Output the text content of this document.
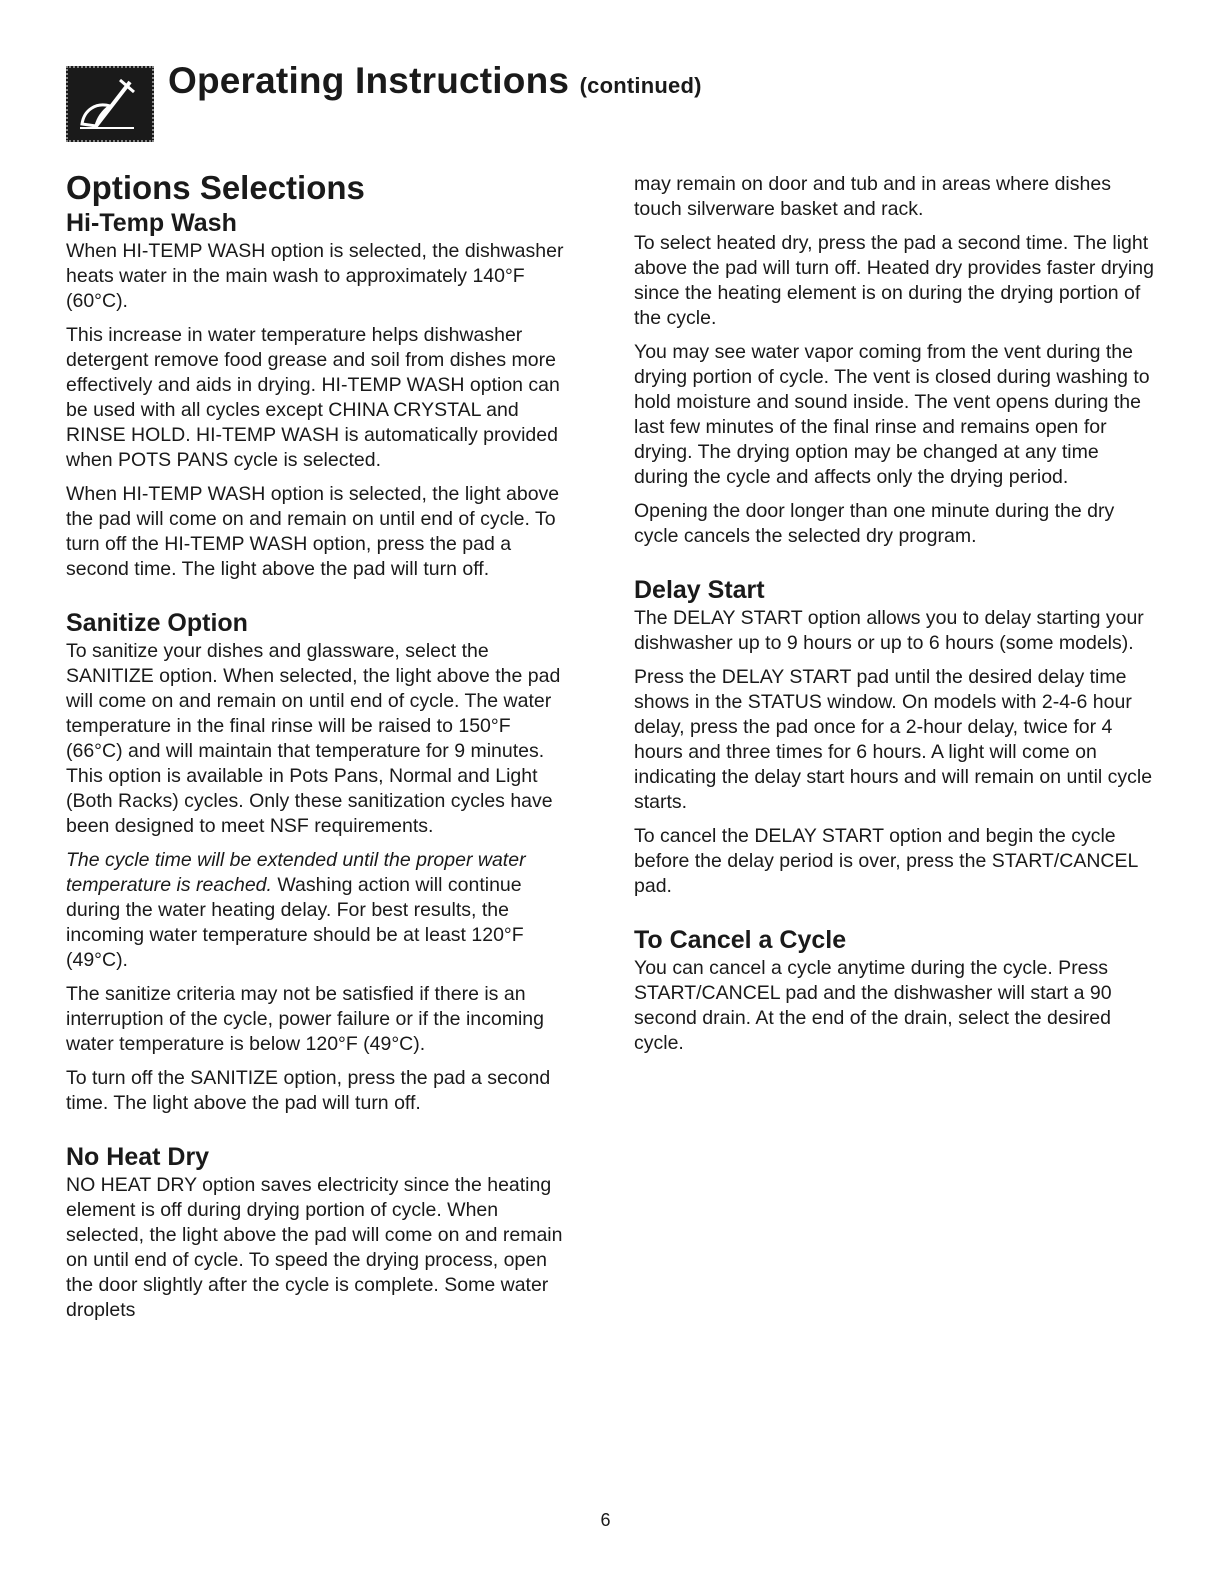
Operating Instructions (continued)
Options Selections
Hi-Temp Wash

When HI-TEMP WASH option is selected, the dishwasher heats water in the main wash to approximately 140°F (60°C).

This increase in water temperature helps dishwasher detergent remove food grease and soil from dishes more effectively and aids in drying. HI-TEMP WASH option can be used with all cycles except CHINA CRYSTAL and RINSE HOLD. HI-TEMP WASH is automatically provided when POTS PANS cycle is selected.

When HI-TEMP WASH option is selected, the light above the pad will come on and remain on until end of cycle. To turn off the HI-TEMP WASH option, press the pad a second time. The light above the pad will turn off.

Sanitize Option

To sanitize your dishes and glassware, select the SANITIZE option. When selected, the light above the pad will come on and remain on until end of cycle. The water temperature in the final rinse will be raised to 150°F (66°C) and will maintain that temperature for 9 minutes. This option is available in Pots Pans, Normal and Light (Both Racks) cycles. Only these sanitization cycles have been designed to meet NSF requirements.

The cycle time will be extended until the proper water temperature is reached. Washing action will continue during the water heating delay. For best results, the incoming water temperature should be at least 120°F (49°C).

The sanitize criteria may not be satisfied if there is an interruption of the cycle, power failure or if the incoming water temperature is below 120°F (49°C).

To turn off the SANITIZE option, press the pad a second time. The light above the pad will turn off.

No Heat Dry

NO HEAT DRY option saves electricity since the heating element is off during drying portion of cycle. When selected, the light above the pad will come on and remain on until end of cycle. To speed the drying process, open the door slightly after the cycle is complete. Some water droplets

may remain on door and tub and in areas where dishes touch silverware basket and rack.

To select heated dry, press the pad a second time. The light above the pad will turn off. Heated dry provides faster drying since the heating element is on during the drying portion of the cycle.

You may see water vapor coming from the vent during the drying portion of cycle. The vent is closed during washing to hold moisture and sound inside. The vent opens during the last few minutes of the final rinse and remains open for drying. The drying option may be changed at any time during the cycle and affects only the drying period.

Opening the door longer than one minute during the dry cycle cancels the selected dry program.

Delay Start

The DELAY START option allows you to delay starting your dishwasher up to 9 hours or up to 6 hours (some models).

Press the DELAY START pad until the desired delay time shows in the STATUS window. On models with 2-4-6 hour delay, press the pad once for a 2-hour delay, twice for 4 hours and three times for 6 hours. A light will come on indicating the delay start hours and will remain on until cycle starts.

To cancel the DELAY START option and begin the cycle before the delay period is over, press the START/CANCEL pad.

To Cancel a Cycle

You can cancel a cycle anytime during the cycle. Press START/CANCEL pad and the dishwasher will start a 90 second drain. At the end of the drain, select the desired cycle.

6
